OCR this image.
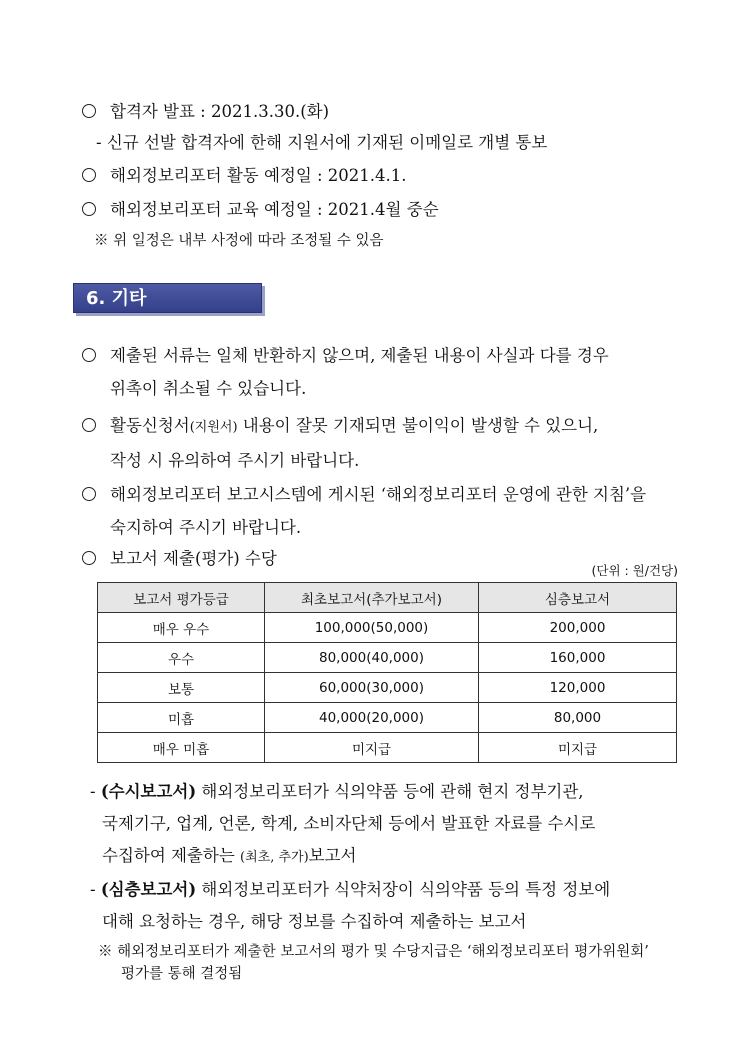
합격자 발표 : 2021.3.30.(화)
- 신규 선발 합격자에 한해 지원서에 기재된 이메일로 개별 통보
해외정보리포터 활동 예정일 : 2021.4.1.
해외정보리포터 교육 예정일 : 2021.4월 중순
※ 위 일정은 내부 사정에 따라 조정될 수 있음
6. 기타
제출된 서류는 일체 반환하지 않으며, 제출된 내용이 사실과 다를 경우
위촉이 취소될 수 있습니다.
활동신청서(지원서) 내용이 잘못 기재되면 불이익이 발생할 수 있으니,
작성 시 유의하여 주시기 바랍니다.
해외정보리포터 보고시스템에 게시된 ‘해외정보리포터 운영에 관한 지침’을
숙지하여 주시기 바랍니다.
보고서 제출(평가) 수당
(단위 : 원/건당)
보고서 평가등급	최초보고서(추가보고서)	심층보고서
매우 우수	100,000(50,000)	200,000
우수	80,000(40,000)	160,000
보통	60,000(30,000)	120,000
미흡	40,000(20,000)	80,000
매우 미흡	미지급	미지급
- (수시보고서) 해외정보리포터가 식의약품 등에 관해 현지 정부기관,
국제기구, 업계, 언론, 학계, 소비자단체 등에서 발표한 자료를 수시로
수집하여 제출하는 (최초, 추가)보고서
- (심층보고서) 해외정보리포터가 식약처장이 식의약품 등의 특정 정보에
대해 요청하는 경우, 해당 정보를 수집하여 제출하는 보고서
※ 해외정보리포터가 제출한 보고서의 평가 및 수당지급은 ‘해외정보리포터 평가위원회’
평가를 통해 결정됨
